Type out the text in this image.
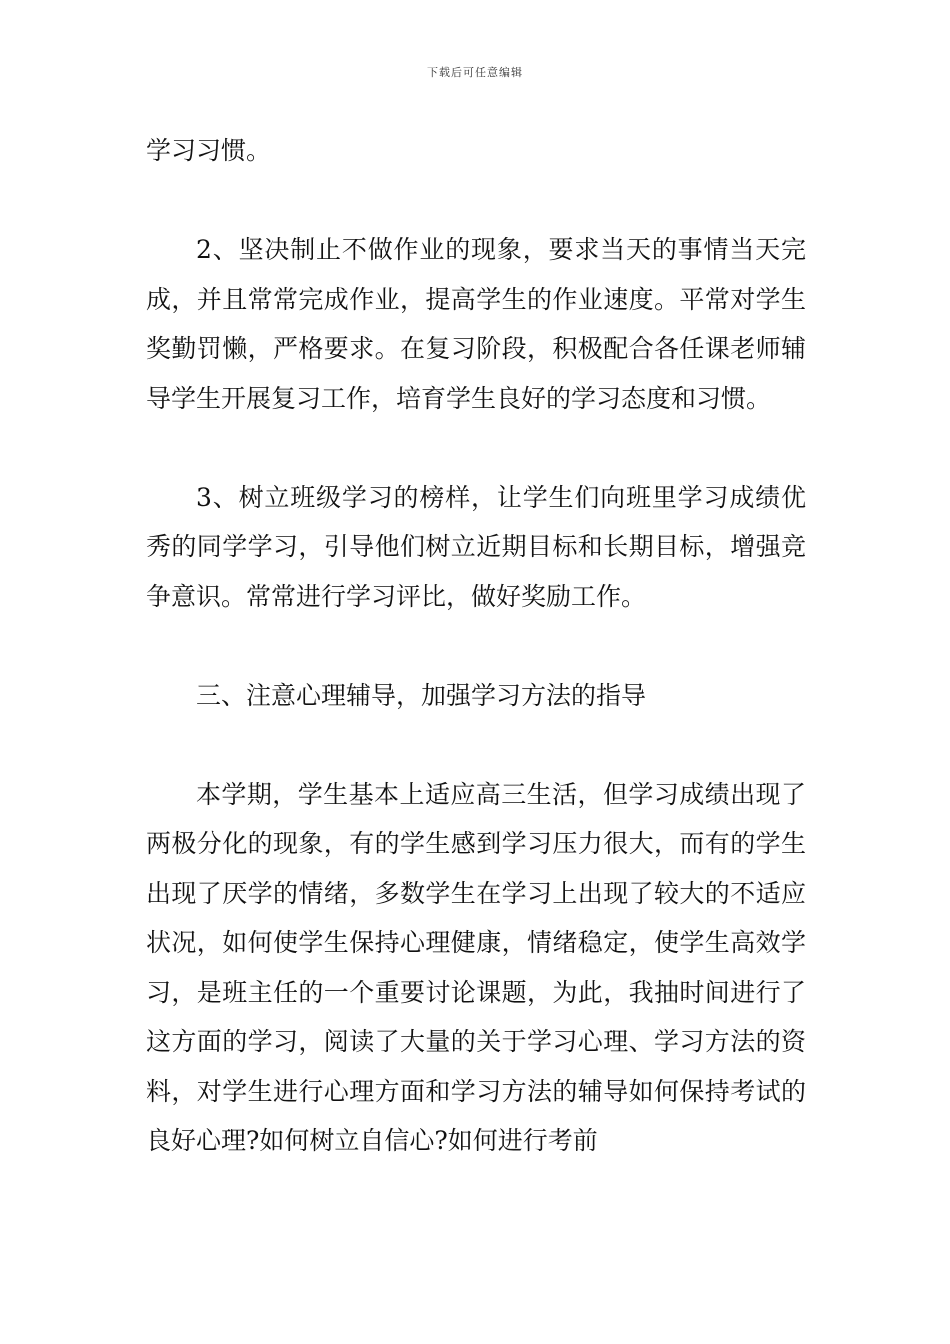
下载后可任意编辑

学习习惯。

2、坚决制止不做作业的现象，要求当天的事情当天完成，并且常常完成作业，提高学生的作业速度。平常对学生奖勤罚懒，严格要求。在复习阶段，积极配合各任课老师辅导学生开展复习工作，培育学生良好的学习态度和习惯。

3、树立班级学习的榜样，让学生们向班里学习成绩优秀的同学学习，引导他们树立近期目标和长期目标，增强竞争意识。常常进行学习评比，做好奖励工作。

三、注意心理辅导，加强学习方法的指导

本学期，学生基本上适应高三生活，但学习成绩出现了两极分化的现象，有的学生感到学习压力很大，而有的学生出现了厌学的情绪，多数学生在学习上出现了较大的不适应状况，如何使学生保持心理健康，情绪稳定，使学生高效学习，是班主任的一个重要讨论课题，为此，我抽时间进行了这方面的学习，阅读了大量的关于学习心理、学习方法的资料，对学生进行心理方面和学习方法的辅导如何保持考试的良好心理?如何树立自信心?如何进行考前
